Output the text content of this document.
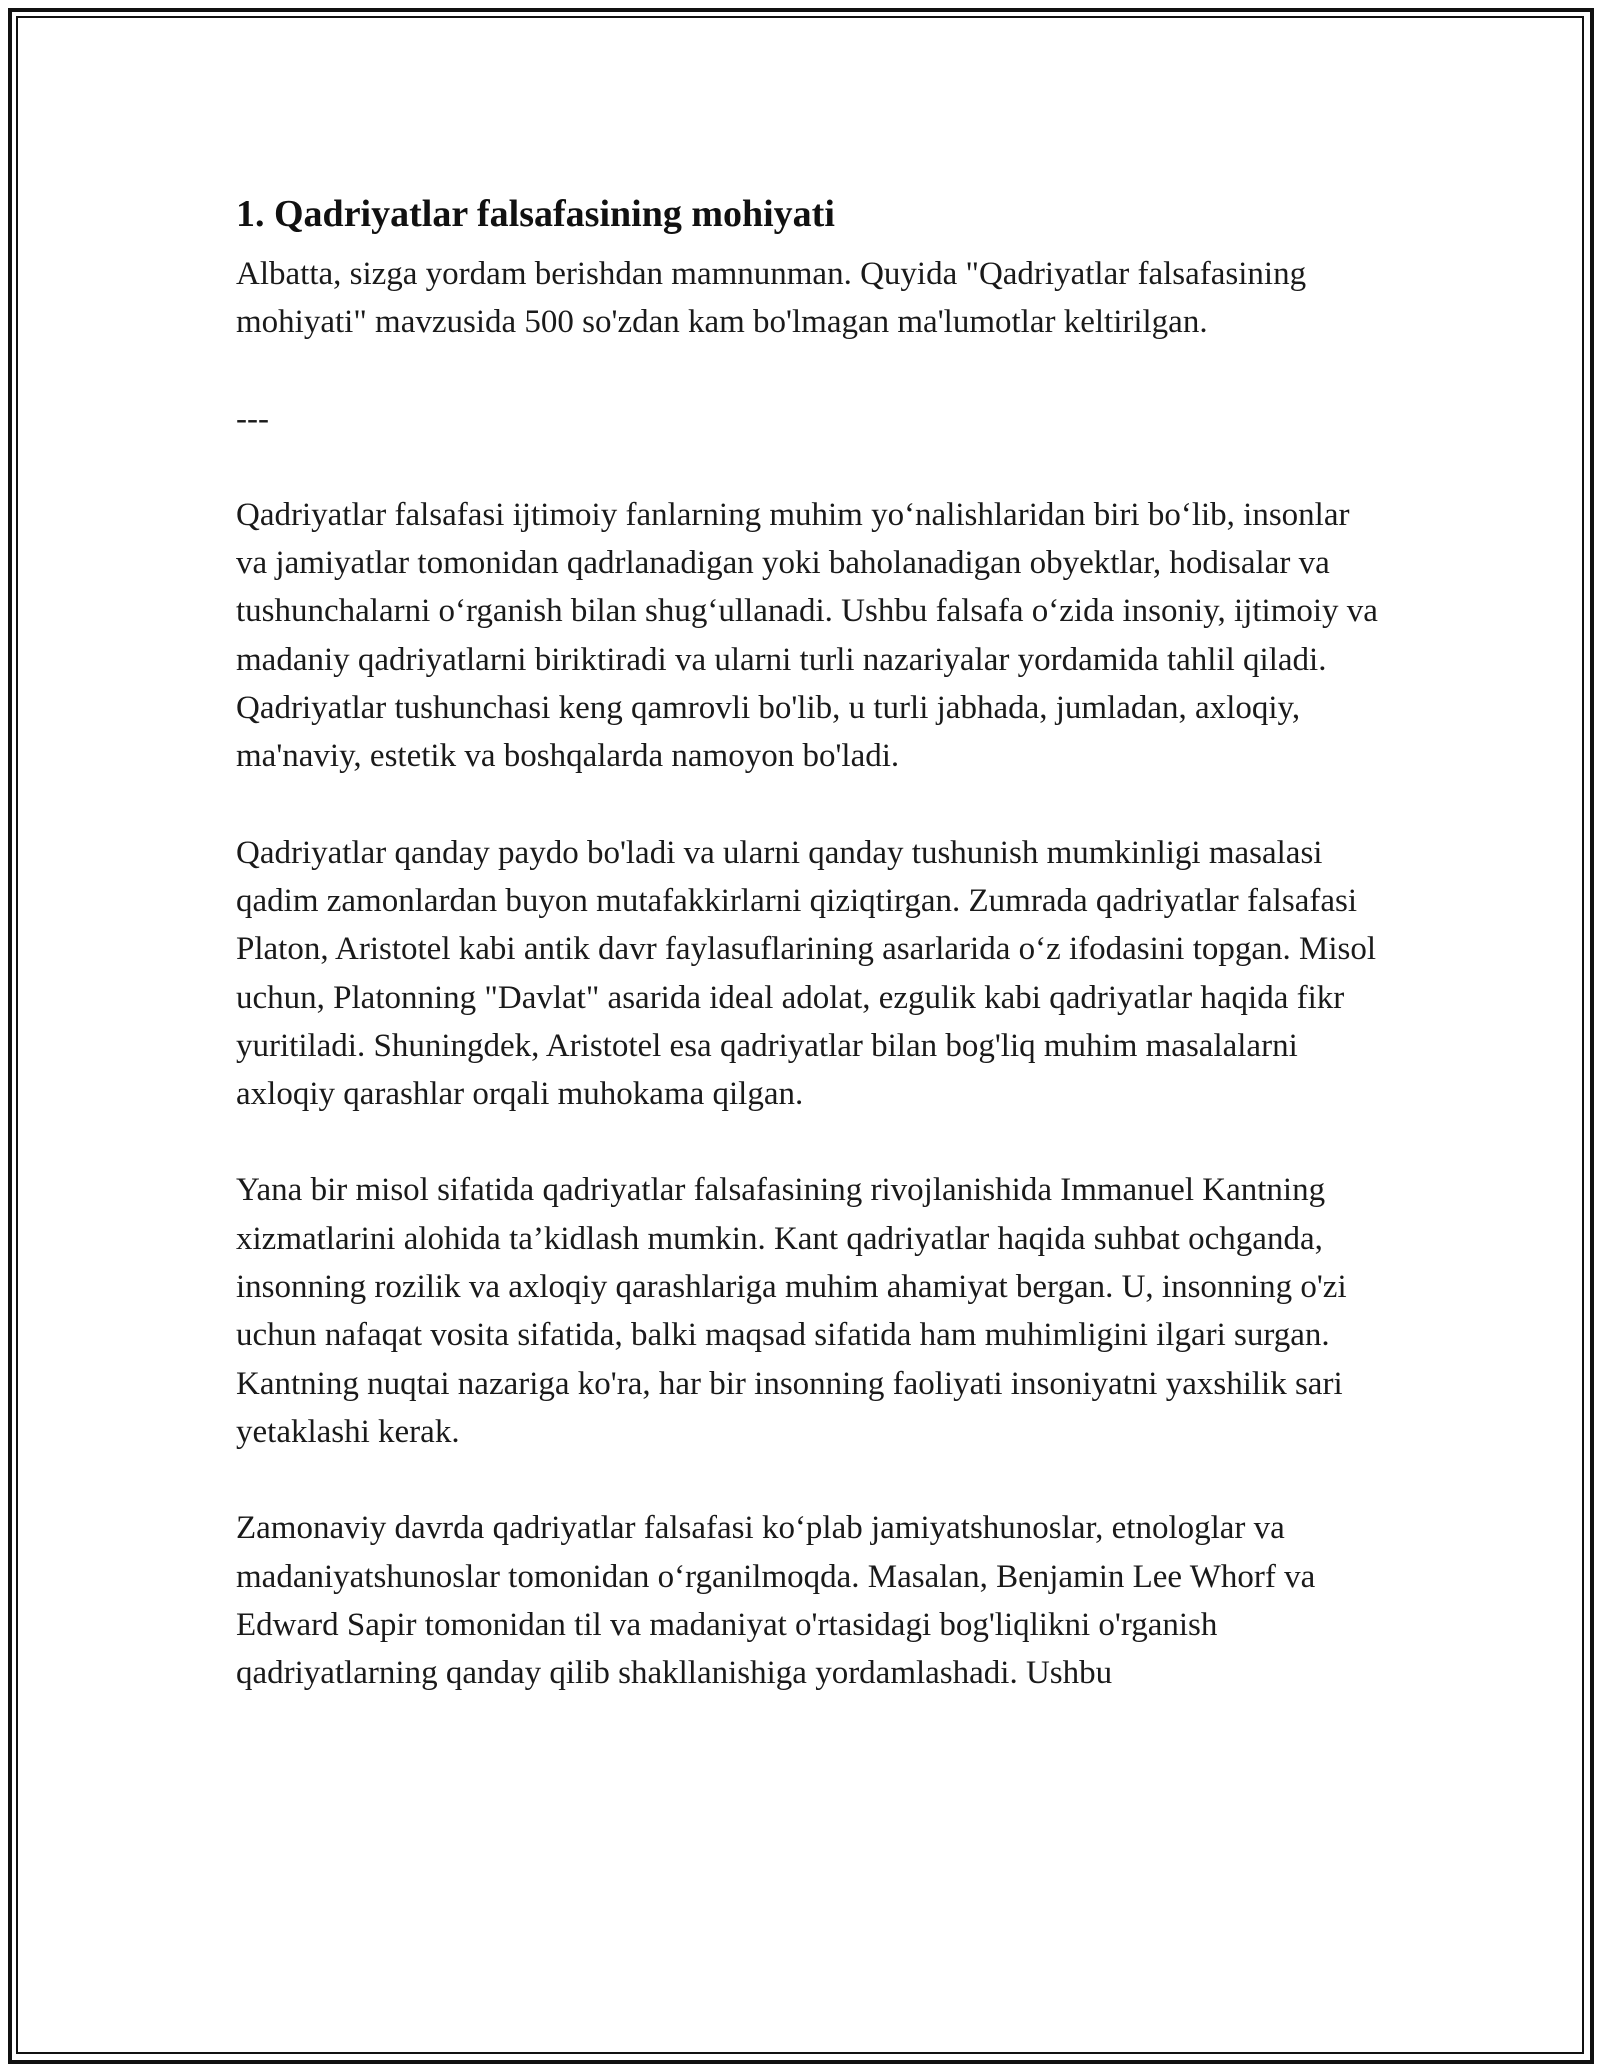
1. Qadriyatlar falsafasining mohiyati

Albatta, sizga yordam berishdan mamnunman. Quyida "Qadriyatlar falsafasining mohiyati" mavzusida 500 so'zdan kam bo'lmagan ma'lumotlar keltirilgan.

---

Qadriyatlar falsafasi ijtimoiy fanlarning muhim yo‘nalishlaridan biri bo‘lib, insonlar va jamiyatlar tomonidan qadrlanadigan yoki baholanadigan obyektlar, hodisalar va tushunchalarni o‘rganish bilan shug‘ullanadi. Ushbu falsafa o‘zida insoniy, ijtimoiy va madaniy qadriyatlarni biriktiradi va ularni turli nazariyalar yordamida tahlil qiladi. Qadriyatlar tushunchasi keng qamrovli bo'lib, u turli jabhada, jumladan, axloqiy, ma'naviy, estetik va boshqalarda namoyon bo'ladi.

Qadriyatlar qanday paydo bo'ladi va ularni qanday tushunish mumkinligi masalasi qadim zamonlardan buyon mutafakkirlarni qiziqtirgan. Zumrada qadriyatlar falsafasi Platon, Aristotel kabi antik davr faylasuflarining asarlarida o‘z ifodasini topgan. Misol uchun, Platonning "Davlat" asarida ideal adolat, ezgulik kabi qadriyatlar haqida fikr yuritiladi. Shuningdek, Aristotel esa qadriyatlar bilan bog'liq muhim masalalarni axloqiy qarashlar orqali muhokama qilgan.

Yana bir misol sifatida qadriyatlar falsafasining rivojlanishida Immanuel Kantning xizmatlarini alohida ta’kidlash mumkin. Kant qadriyatlar haqida suhbat ochganda, insonning rozilik va axloqiy qarashlariga muhim ahamiyat bergan. U, insonning o'zi uchun nafaqat vosita sifatida, balki maqsad sifatida ham muhimligini ilgari surgan. Kantning nuqtai nazariga ko'ra, har bir insonning faoliyati insoniyatni yaxshilik sari yetaklashi kerak.

Zamonaviy davrda qadriyatlar falsafasi ko‘plab jamiyatshunoslar, etnologlar va madaniyatshunoslar tomonidan o‘rganilmoqda. Masalan, Benjamin Lee Whorf va Edward Sapir tomonidan til va madaniyat o'rtasidagi bog'liqlikni o'rganish qadriyatlarning qanday qilib shakllanishiga yordamlashadi. Ushbu
